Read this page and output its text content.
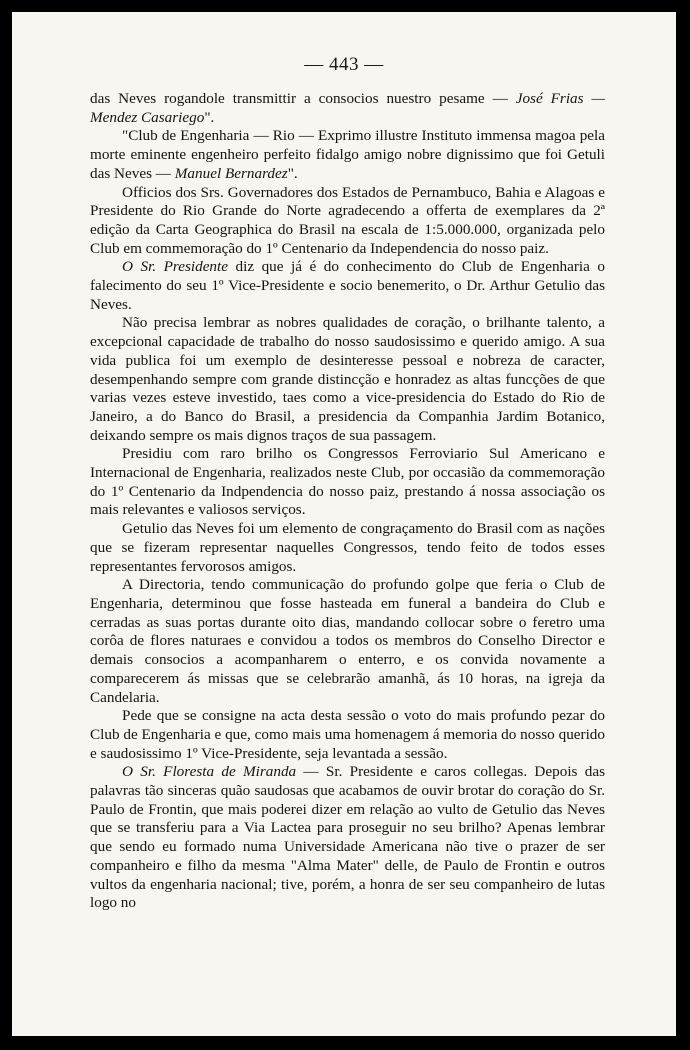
— 443 —

das Neves rogandole transmittir a consocios nuestro pesame — José Frias — Mendez Casariego".

"Club de Engenharia — Rio — Exprimo illustre Instituto immensa magoa pela morte eminente engenheiro perfeito fidalgo amigo nobre dignissimo que foi Getuli das Neves — Manuel Bernardez".

Officios dos Srs. Governadores dos Estados de Pernambuco, Bahia e Alagoas e Presidente do Rio Grande do Norte agradecendo a offerta de exemplares da 2ª edição da Carta Geographica do Brasil na escala de 1:5.000.000, organizada pelo Club em commemoração do 1º Centenario da Independencia do nosso paiz.

O Sr. Presidente diz que já é do conhecimento do Club de Engenharia o falecimento do seu 1º Vice-Presidente e socio benemerito, o Dr. Arthur Getulio das Neves.

Não precisa lembrar as nobres qualidades de coração, o brilhante talento, a excepcional capacidade de trabalho do nosso saudosissimo e querido amigo. A sua vida publica foi um exemplo de desinteresse pessoal e nobreza de caracter, desempenhando sempre com grande distincção e honradez as altas funcções de que varias vezes esteve investido, taes como a vice-presidencia do Estado do Rio de Janeiro, a do Banco do Brasil, a presidencia da Companhia Jardim Botanico, deixando sempre os mais dignos traços de sua passagem.

Presidiu com raro brilho os Congressos Ferroviario Sul Americano e Internacional de Engenharia, realizados neste Club, por occasião da commemoração do 1º Centenario da Indpendencia do nosso paiz, prestando á nossa associação os mais relevantes e valiosos serviços.

Getulio das Neves foi um elemento de congraçamento do Brasil com as nações que se fizeram representar naquelles Congressos, tendo feito de todos esses representantes fervorosos amigos.

A Directoria, tendo communicação do profundo golpe que feria o Club de Engenharia, determinou que fosse hasteada em funeral a bandeira do Club e cerradas as suas portas durante oito dias, mandando collocar sobre o feretro uma corôa de flores naturaes e convidou a todos os membros do Conselho Director e demais consocios a acompanharem o enterro, e os convida novamente a comparecerem ás missas que se celebrarão amanhã, ás 10 horas, na igreja da Candelaria.

Pede que se consigne na acta desta sessão o voto do mais profundo pezar do Club de Engenharia e que, como mais uma homenagem á memoria do nosso querido e saudosissimo 1º Vice-Presidente, seja levantada a sessão.

O Sr. Floresta de Miranda — Sr. Presidente e caros collegas. Depois das palavras tão sinceras quão saudosas que acabamos de ouvir brotar do coração do Sr. Paulo de Frontin, que mais poderei dizer em relação ao vulto de Getulio das Neves que se transferiu para a Via Lactea para proseguir no seu brilho? Apenas lembrar que sendo eu formado numa Universidade Americana não tive o prazer de ser companheiro e filho da mesma "Alma Mater" delle, de Paulo de Frontin e outros vultos da engenharia nacional; tive, porém, a honra de ser seu companheiro de lutas logo no
